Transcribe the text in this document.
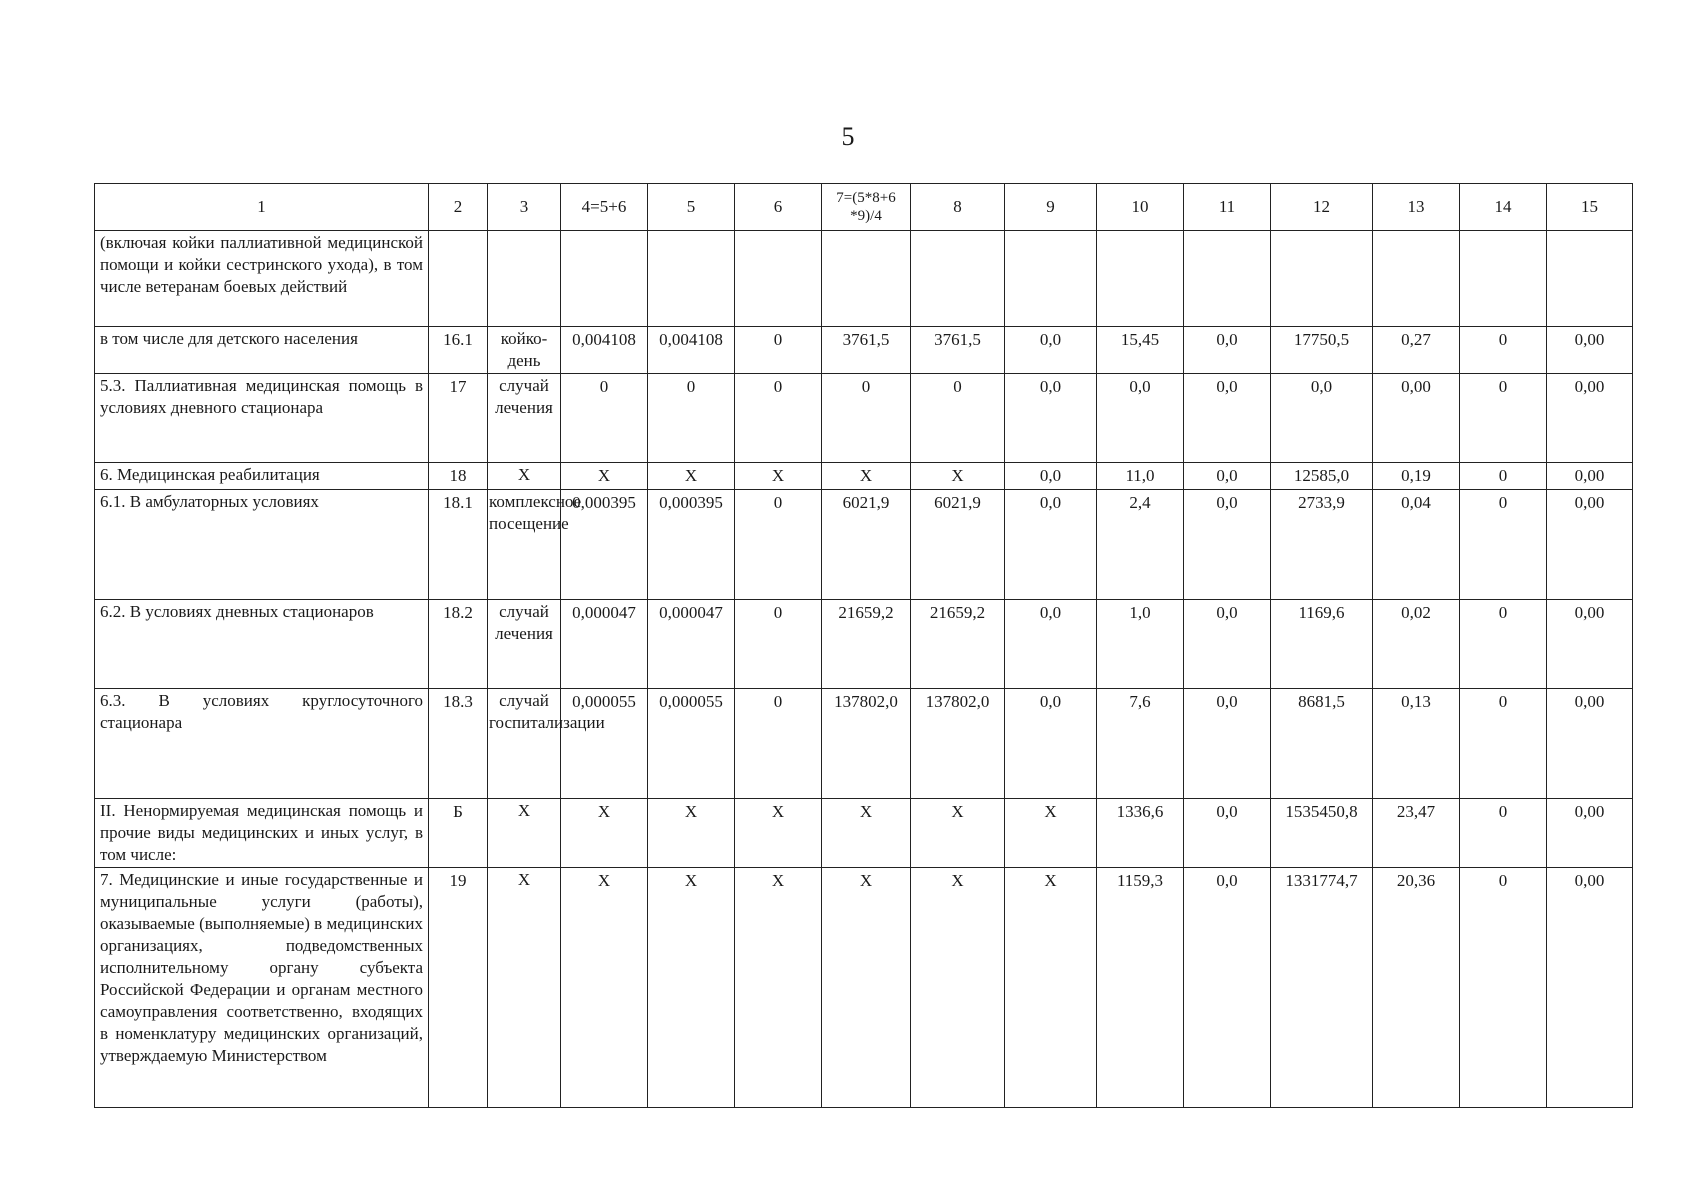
5
1	2	3	4=5+6	5	6	7=(5*8+6 *9)/4	8	9	10	11	12	13	14	15
(включая койки паллиативной медицинской помощи и койки сестринского ухода), в том числе ветеранам боевых действий														
в том числе для детского населения	16.1	койко-день	0,004108	0,004108	0	3761,5	3761,5	0,0	15,45	0,0	17750,5	0,27	0	0,00
5.3. Паллиативная медицинская помощь в условиях дневного стационара	17	случай лечения	0	0	0	0	0	0,0	0,0	0,0	0,0	0,00	0	0,00
6. Медицинская реабилитация	18	X	X	X	X	X	X	0,0	11,0	0,0	12585,0	0,19	0	0,00
6.1. В амбулаторных условиях	18.1	комплексное посещение	0,000395	0,000395	0	6021,9	6021,9	0,0	2,4	0,0	2733,9	0,04	0	0,00
6.2. В условиях дневных стационаров	18.2	случай лечения	0,000047	0,000047	0	21659,2	21659,2	0,0	1,0	0,0	1169,6	0,02	0	0,00
6.3. В условиях круглосуточного стационара	18.3	случай госпитализации	0,000055	0,000055	0	137802,0	137802,0	0,0	7,6	0,0	8681,5	0,13	0	0,00
II. Ненормируемая медицинская помощь и прочие виды медицинских и иных услуг, в том числе:	Б	X	X	X	X	X	X	X	1336,6	0,0	1535450,8	23,47	0	0,00
7. Медицинские и иные государственные и муниципальные услуги (работы), оказываемые (выполняемые) в медицинских организациях, подведомственных исполнительному органу субъекта Российской Федерации и органам местного самоуправления соответственно, входящих в номенклатуру медицинских организаций, утверждаемую Министерством	19	X	X	X	X	X	X	X	1159,3	0,0	1331774,7	20,36	0	0,00
